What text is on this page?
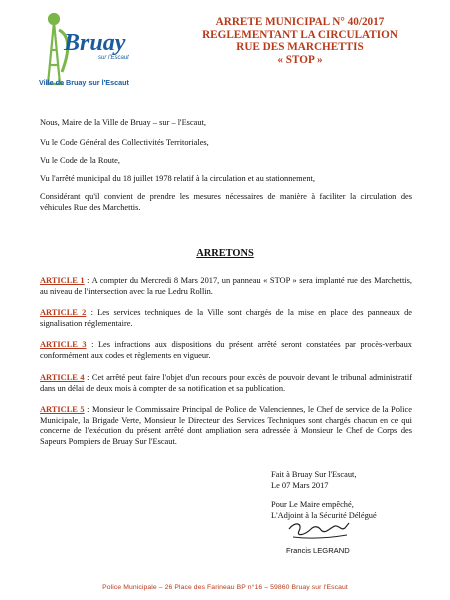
Bruay
sur l'Escaut
Ville de Bruay sur l'Escaut
ARRETE MUNICIPAL N° 40/2017
REGLEMENTANT LA CIRCULATION
RUE DES MARCHETTIS
« STOP »
Nous, Maire de la Ville de Bruay – sur – l'Escaut,
Vu le Code Général des Collectivités Territoriales,
Vu le Code de la Route,
Vu l'arrêté municipal du 18 juillet 1978 relatif à la circulation et au stationnement,
Considérant qu'il convient de prendre les mesures nécessaires de manière à faciliter la circulation des véhicules Rue des Marchettis.
ARRETONS
ARTICLE 1 : A compter du Mercredi 8 Mars 2017, un panneau « STOP » sera implanté rue des Marchettis, au niveau de l'intersection avec la rue Ledru Rollin.
ARTICLE 2 : Les services techniques de la Ville sont chargés de la mise en place des panneaux de signalisation réglementaire.
ARTICLE 3 : Les infractions aux dispositions du présent arrêté seront constatées par procès-verbaux conformément aux codes et règlements en vigueur.
ARTICLE 4 : Cet arrêté peut faire l'objet d'un recours pour excès de pouvoir devant le tribunal administratif dans un délai de deux mois à compter de sa notification et sa publication.
ARTICLE 5 : Monsieur le Commissaire Principal de Police de Valenciennes, le Chef de service de la Police Municipale, la Brigade Verte, Monsieur le Directeur des Services Techniques sont chargés chacun en ce qui concerne de l'exécution du présent arrêté dont ampliation sera adressée à Monsieur le Chef de Corps des Sapeurs Pompiers de Bruay Sur l'Escaut.
Fait à Bruay Sur l'Escaut,
Le 07 Mars 2017
Pour Le Maire empêché,
L'Adjoint à la Sécurité Délégué
Francis LEGRAND
Police Municipale – 26 Place des Farineau BP n°16 – 59860 Bruay sur l'Escaut
